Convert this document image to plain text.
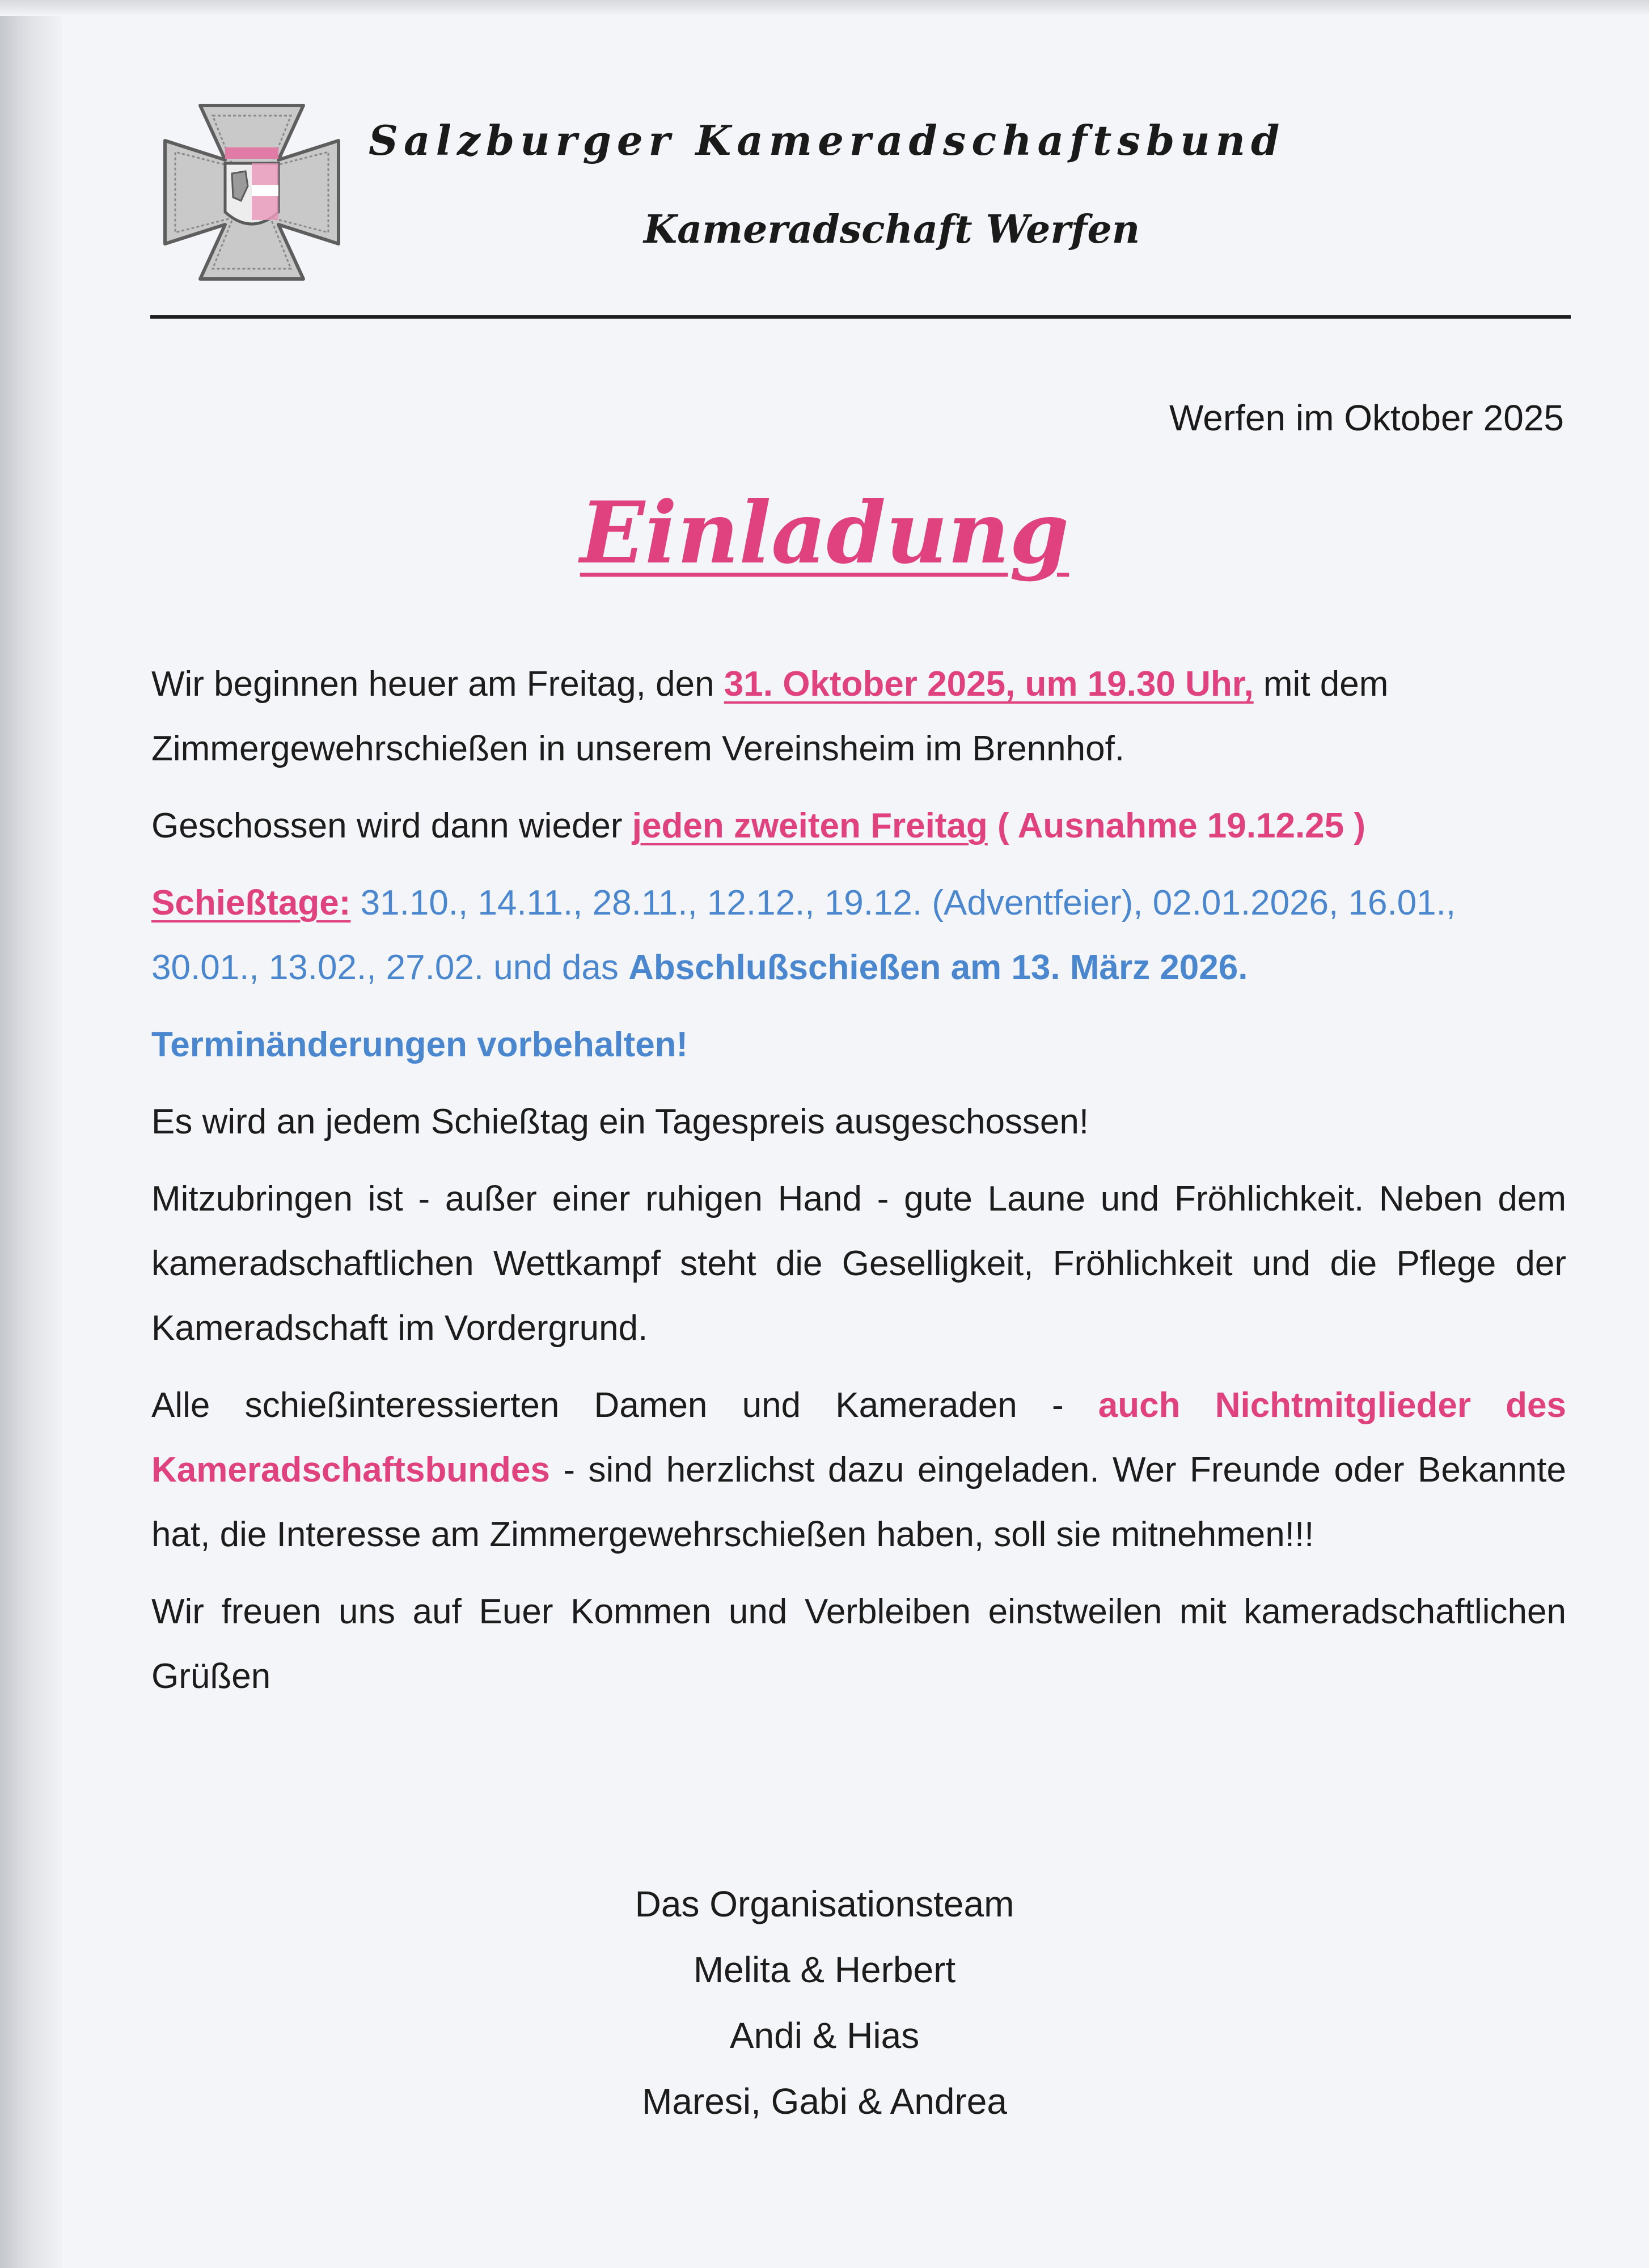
Salzburger Kameradschaftsbund
Kameradschaft Werfen

Werfen im Oktober 2025

Einladung

Wir beginnen heuer am Freitag, den 31. Oktober 2025, um 19.30 Uhr, mit dem Zimmergewehrschießen in unserem Vereinsheim im Brennhof.

Geschossen wird dann wieder jeden zweiten Freitag ( Ausnahme 19.12.25 )

Schießtage: 31.10., 14.11., 28.11., 12.12., 19.12. (Adventfeier), 02.01.2026, 16.01., 30.01., 13.02., 27.02. und das Abschlußschießen am 13. März 2026.

Terminänderungen vorbehalten!

Es wird an jedem Schießtag ein Tagespreis ausgeschossen!

Mitzubringen ist - außer einer ruhigen Hand - gute Laune und Fröhlichkeit. Neben dem kameradschaftlichen Wettkampf steht die Geselligkeit, Fröhlichkeit und die Pflege der Kameradschaft im Vordergrund.

Alle schießinteressierten Damen und Kameraden - auch Nichtmitglieder des Kameradschaftsbundes - sind herzlichst dazu eingeladen. Wer Freunde oder Bekannte hat, die Interesse am Zimmergewehrschießen haben, soll sie mitnehmen!!!

Wir freuen uns auf Euer Kommen und Verbleiben einstweilen mit kameradschaftlichen Grüßen

Das Organisationsteam
Melita & Herbert
Andi & Hias
Maresi, Gabi & Andrea
